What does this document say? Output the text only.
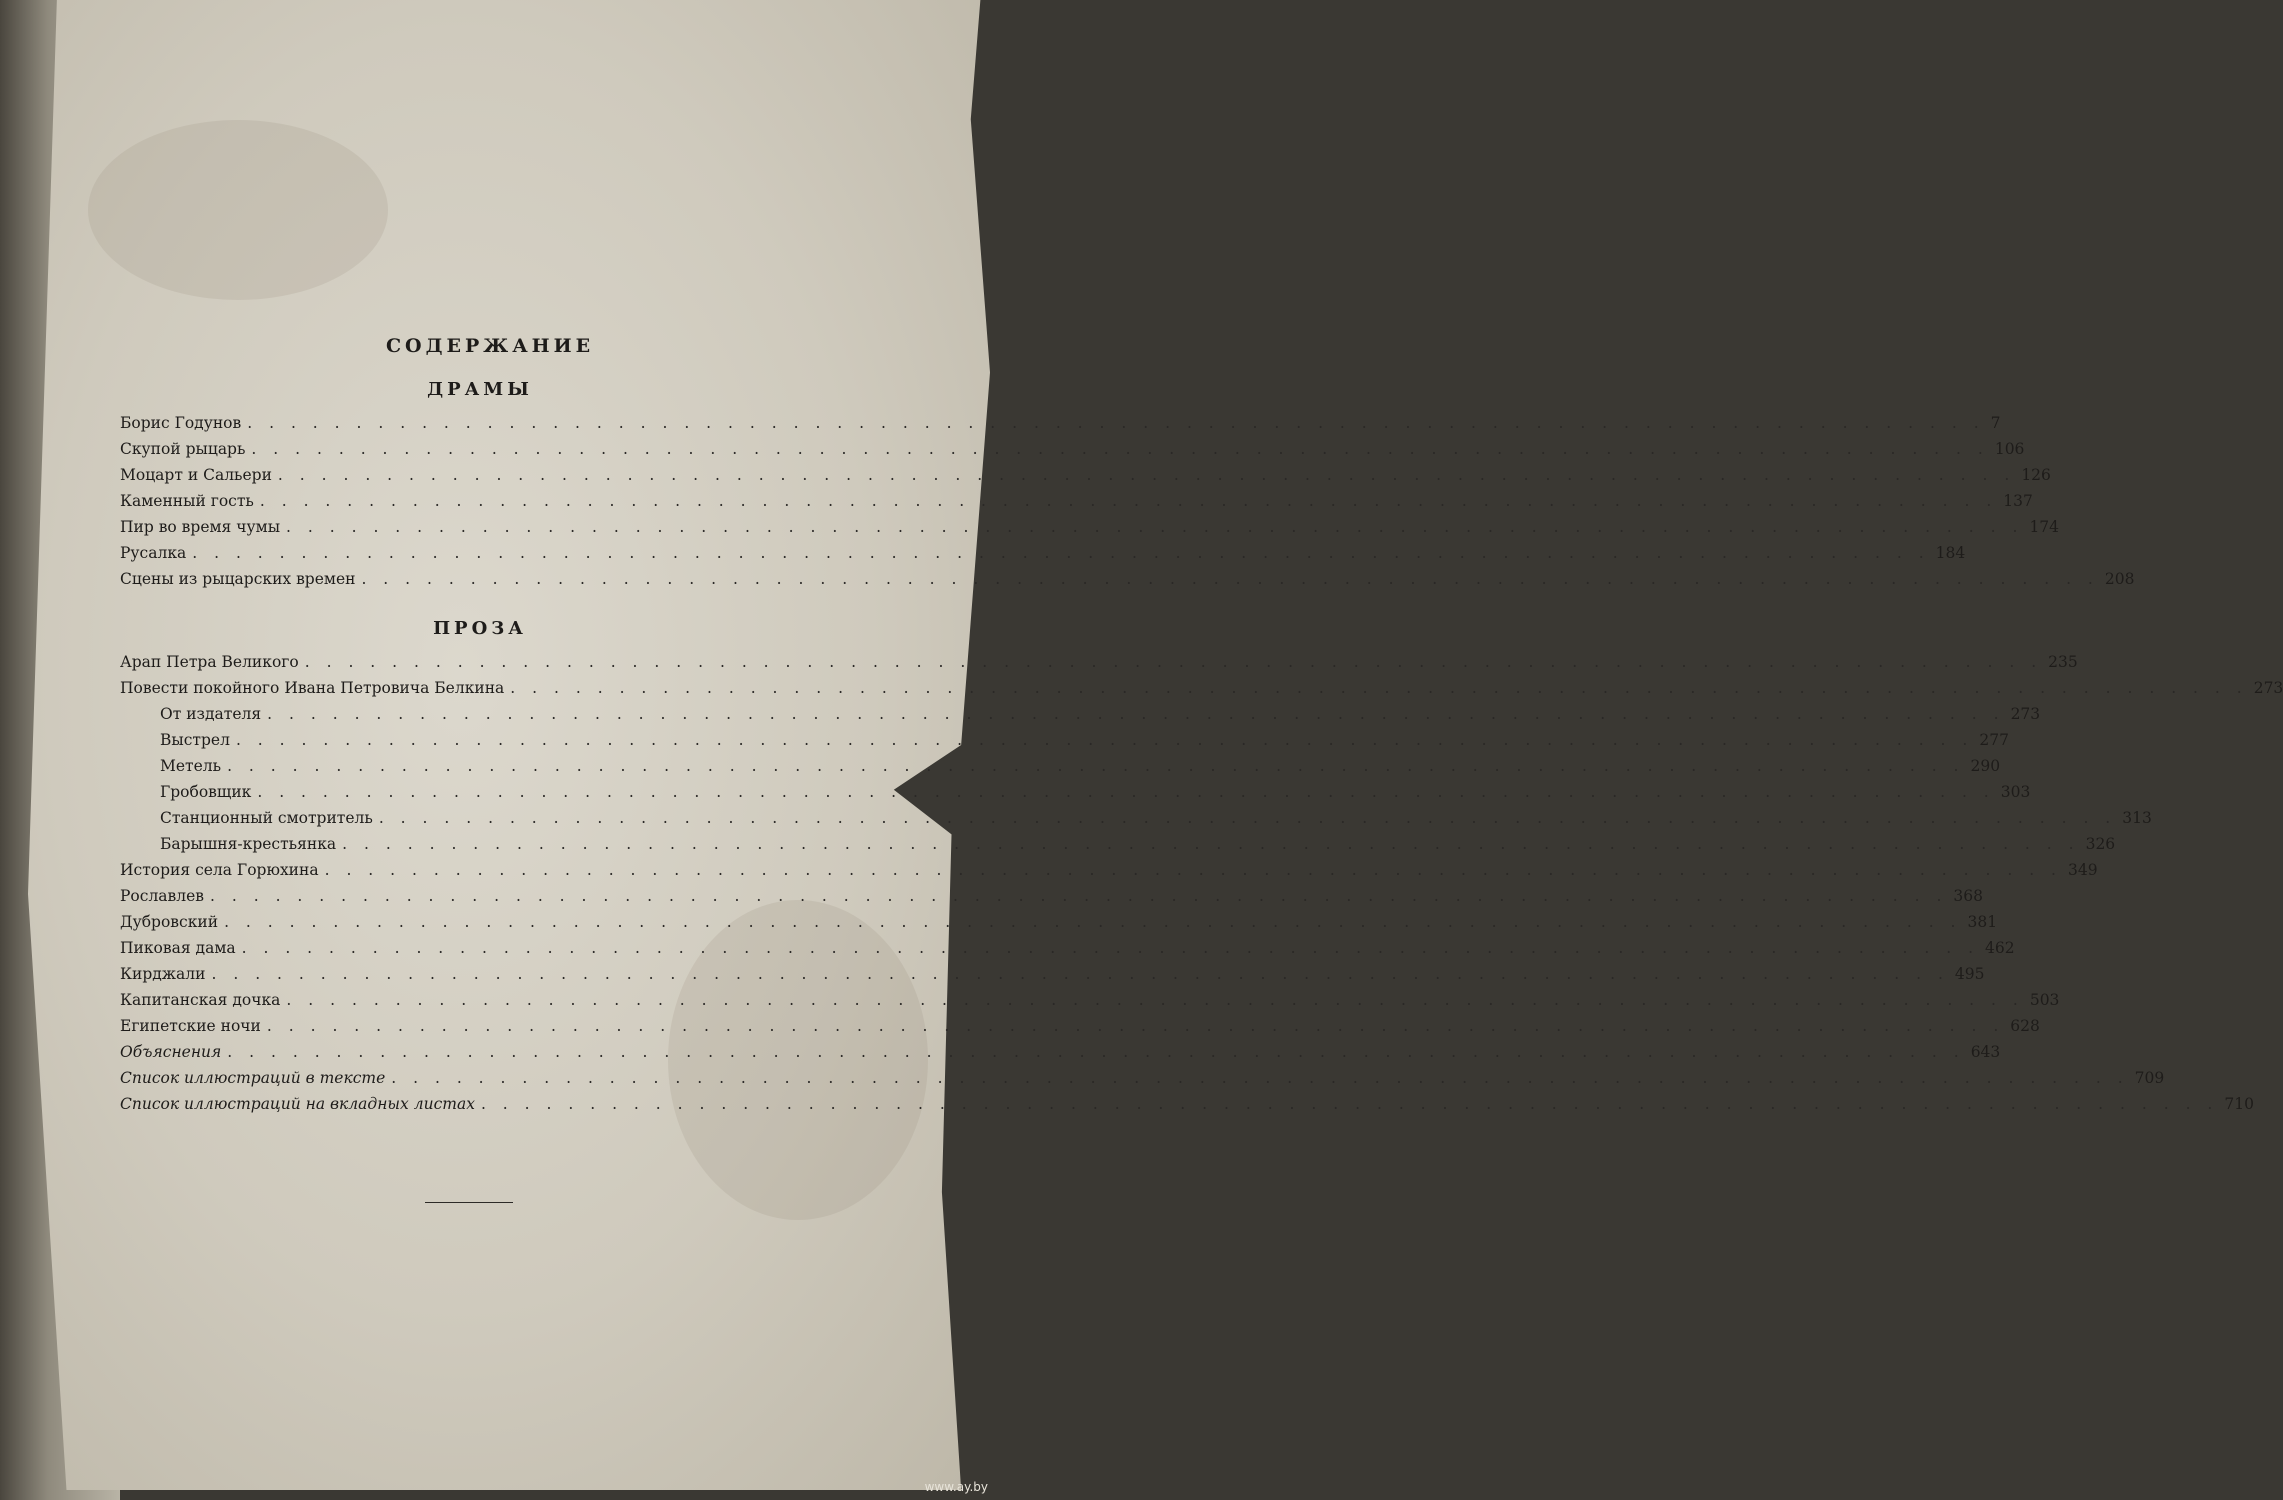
СОДЕРЖАНИЕ
ДРАМЫ
Борис Годунов . . . . . . . . . . . . . . . . . . . . . . . . . . . . . . . . . . . . . . . . . . . . . . . . . . . . . . . . . . . . . . . . . . . . . . . . . . . . . . . . 7
Скупой рыцарь . . . . . . . . . . . . . . . . . . . . . . . . . . . . . . . . . . . . . . . . . . . . . . . . . . . . . . . . . . . . . . . . . . . . . . . . . . . . . . . . 106
Моцарт и Сальери . . . . . . . . . . . . . . . . . . . . . . . . . . . . . . . . . . . . . . . . . . . . . . . . . . . . . . . . . . . . . . . . . . . . . . . . . . . . . . . . 126
Каменный гость . . . . . . . . . . . . . . . . . . . . . . . . . . . . . . . . . . . . . . . . . . . . . . . . . . . . . . . . . . . . . . . . . . . . . . . . . . . . . . . . 137
Пир во время чумы . . . . . . . . . . . . . . . . . . . . . . . . . . . . . . . . . . . . . . . . . . . . . . . . . . . . . . . . . . . . . . . . . . . . . . . . . . . . . . . . 174
Русалка . . . . . . . . . . . . . . . . . . . . . . . . . . . . . . . . . . . . . . . . . . . . . . . . . . . . . . . . . . . . . . . . . . . . . . . . . . . . . . . . 184
Сцены из рыцарских времен . . . . . . . . . . . . . . . . . . . . . . . . . . . . . . . . . . . . . . . . . . . . . . . . . . . . . . . . . . . . . . . . . . . . . . . . . . . . . . . . 208
ПРОЗА
Арап Петра Великого . . . . . . . . . . . . . . . . . . . . . . . . . . . . . . . . . . . . . . . . . . . . . . . . . . . . . . . . . . . . . . . . . . . . . . . . . . . . . . . . 235
Повести покойного Ивана Петровича Белкина . . . . . . . . . . . . . . . . . . . . . . . . . . . . . . . . . . . . . . . . . . . . . . . . . . . . . . . . . . . . . . . . . . . . . . . . . . . . . . . . 273
От издателя . . . . . . . . . . . . . . . . . . . . . . . . . . . . . . . . . . . . . . . . . . . . . . . . . . . . . . . . . . . . . . . . . . . . . . . . . . . . . . . . 273
Выстрел . . . . . . . . . . . . . . . . . . . . . . . . . . . . . . . . . . . . . . . . . . . . . . . . . . . . . . . . . . . . . . . . . . . . . . . . . . . . . . . . 277
Метель . . . . . . . . . . . . . . . . . . . . . . . . . . . . . . . . . . . . . . . . . . . . . . . . . . . . . . . . . . . . . . . . . . . . . . . . . . . . . . . . 290
Гробовщик . . . . . . . . . . . . . . . . . . . . . . . . . . . . . . . . . . . . . . . . . . . . . . . . . . . . . . . . . . . . . . . . . . . . . . . . . . . . . . . . 303
Станционный смотритель . . . . . . . . . . . . . . . . . . . . . . . . . . . . . . . . . . . . . . . . . . . . . . . . . . . . . . . . . . . . . . . . . . . . . . . . . . . . . . . . 313
Барышня-крестьянка . . . . . . . . . . . . . . . . . . . . . . . . . . . . . . . . . . . . . . . . . . . . . . . . . . . . . . . . . . . . . . . . . . . . . . . . . . . . . . . . 326
История села Горюхина . . . . . . . . . . . . . . . . . . . . . . . . . . . . . . . . . . . . . . . . . . . . . . . . . . . . . . . . . . . . . . . . . . . . . . . . . . . . . . . . 349
Рославлев . . . . . . . . . . . . . . . . . . . . . . . . . . . . . . . . . . . . . . . . . . . . . . . . . . . . . . . . . . . . . . . . . . . . . . . . . . . . . . . . 368
Дубровский . . . . . . . . . . . . . . . . . . . . . . . . . . . . . . . . . . . . . . . . . . . . . . . . . . . . . . . . . . . . . . . . . . . . . . . . . . . . . . . . 381
Пиковая дама . . . . . . . . . . . . . . . . . . . . . . . . . . . . . . . . . . . . . . . . . . . . . . . . . . . . . . . . . . . . . . . . . . . . . . . . . . . . . . . . 462
Кирджали . . . . . . . . . . . . . . . . . . . . . . . . . . . . . . . . . . . . . . . . . . . . . . . . . . . . . . . . . . . . . . . . . . . . . . . . . . . . . . . . 495
Капитанская дочка . . . . . . . . . . . . . . . . . . . . . . . . . . . . . . . . . . . . . . . . . . . . . . . . . . . . . . . . . . . . . . . . . . . . . . . . . . . . . . . . 503
Египетские ночи . . . . . . . . . . . . . . . . . . . . . . . . . . . . . . . . . . . . . . . . . . . . . . . . . . . . . . . . . . . . . . . . . . . . . . . . . . . . . . . . 628
Объяснения . . . . . . . . . . . . . . . . . . . . . . . . . . . . . . . . . . . . . . . . . . . . . . . . . . . . . . . . . . . . . . . . . . . . . . . . . . . . . . . . 643
Список иллюстраций в тексте . . . . . . . . . . . . . . . . . . . . . . . . . . . . . . . . . . . . . . . . . . . . . . . . . . . . . . . . . . . . . . . . . . . . . . . . . . . . . . . . 709
Список иллюстраций на вкладных листах . . . . . . . . . . . . . . . . . . . . . . . . . . . . . . . . . . . . . . . . . . . . . . . . . . . . . . . . . . . . . . . . . . . . . . . . . . . . . . . . 710
www.ay.by
